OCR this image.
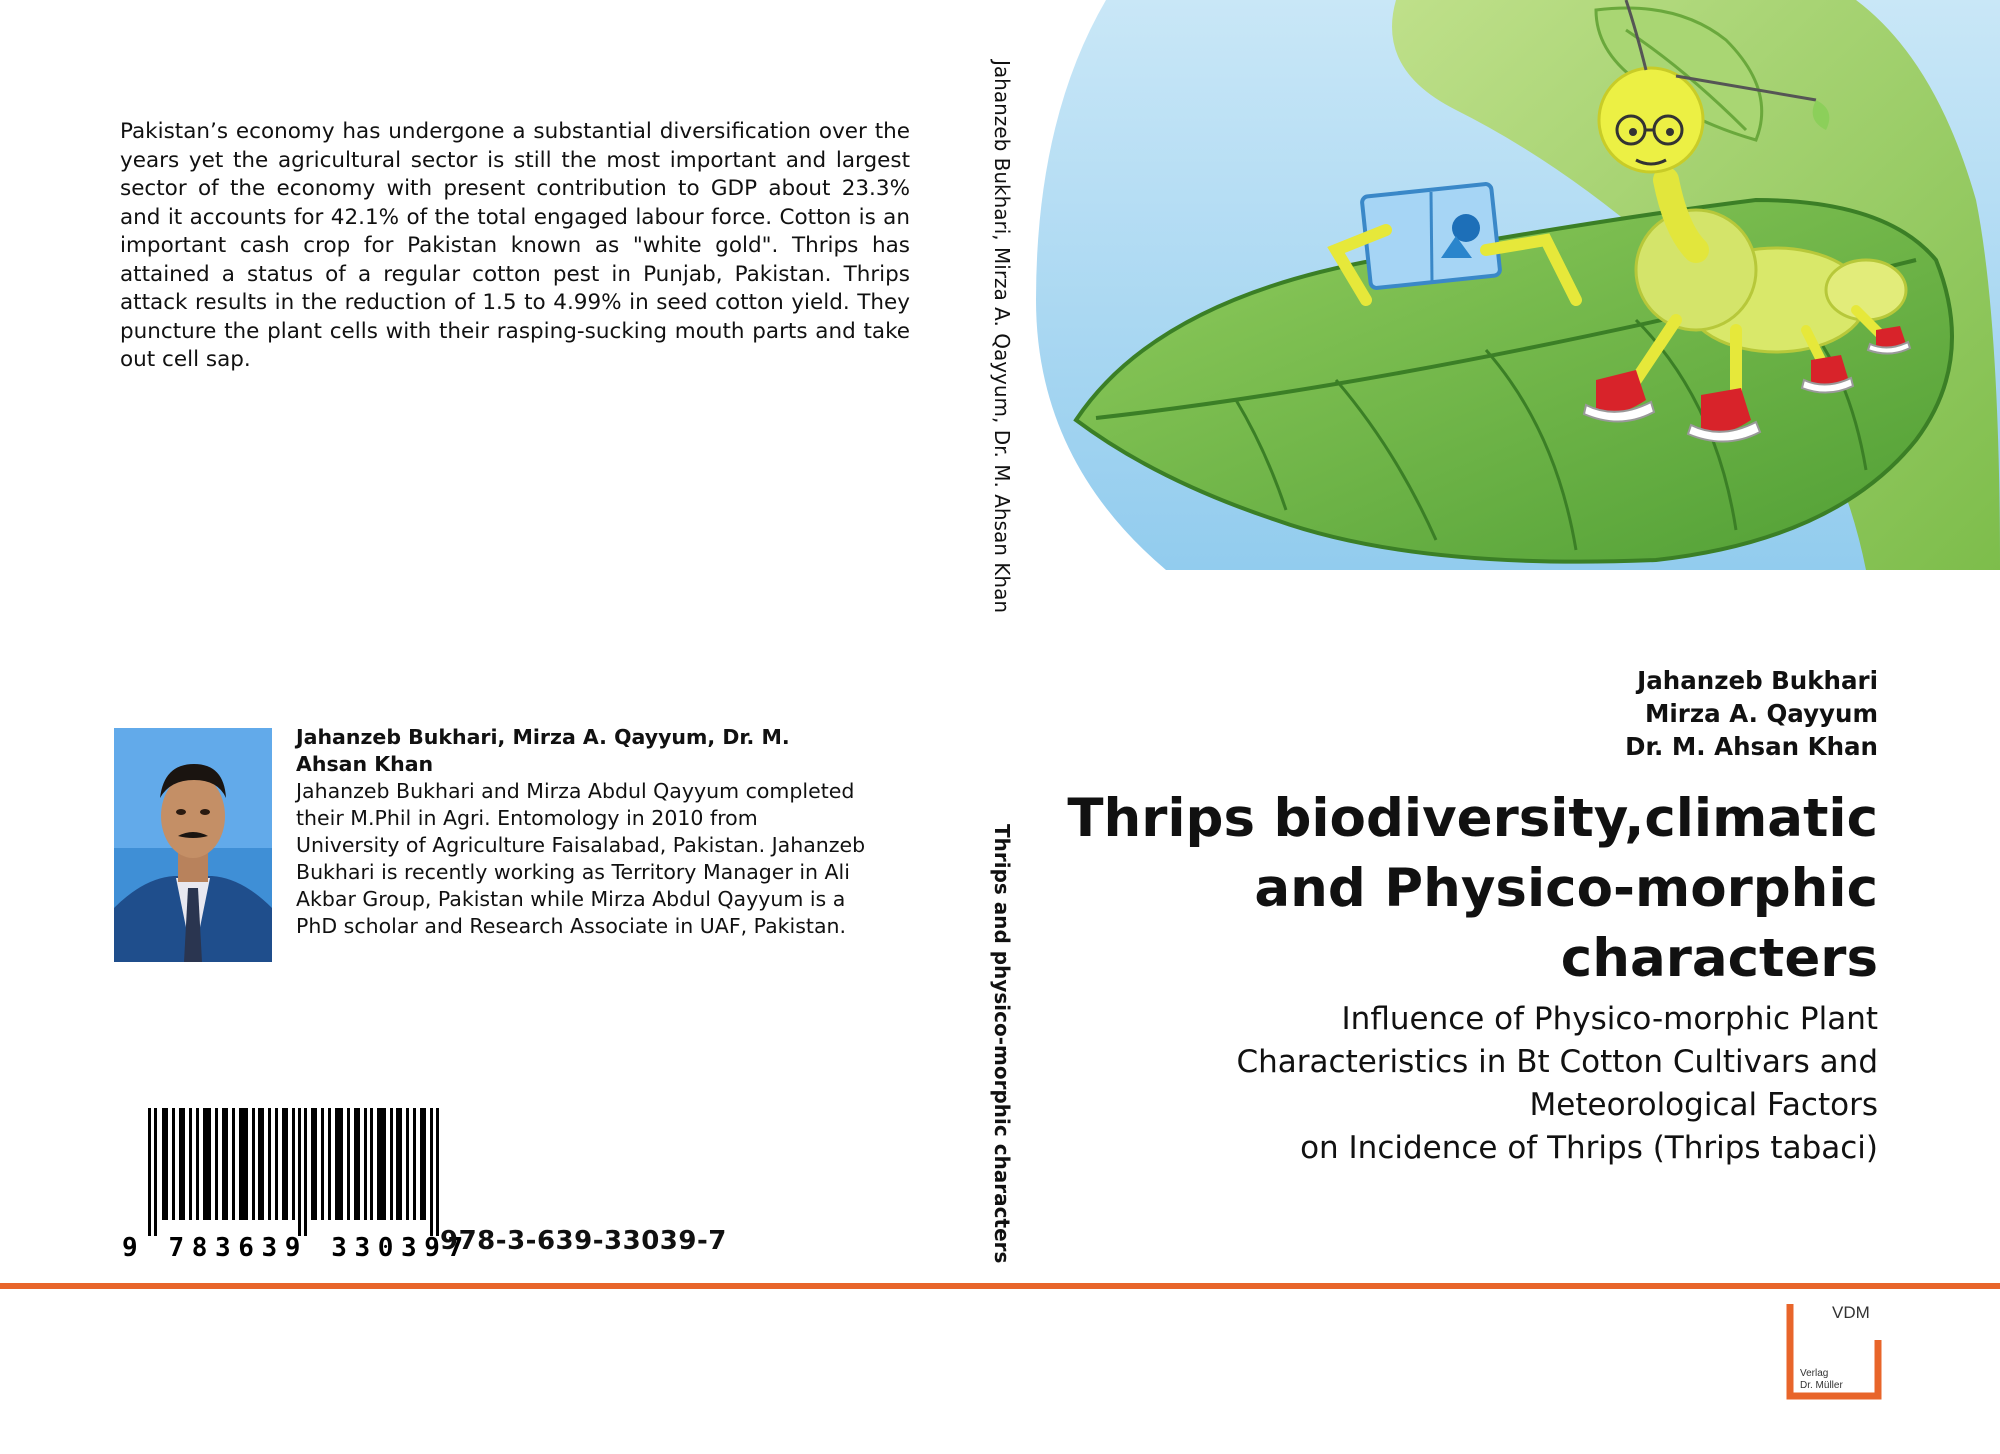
Pakistan’s economy has undergone a substantial diversification over the years yet the agricultural sector is still the most important and largest sector of the economy with present contribution to GDP about 23.3% and it accounts for 42.1% of the total engaged labour force. Cotton is an important cash crop for Pakistan known as "white gold". Thrips has attained a status of a regular cotton pest in Punjab, Pakistan. Thrips attack results in the reduction of 1.5 to 4.99% in seed cotton yield. They puncture the plant cells with their rasping-sucking mouth parts and take out cell sap.
Jahanzeb Bukhari, Mirza A. Qayyum, Dr. M. Ahsan Khan
Jahanzeb Bukhari and Mirza Abdul Qayyum completed their M.Phil in Agri. Entomology in 2010 from University of Agriculture Faisalabad, Pakistan. Jahanzeb Bukhari is recently working as Territory Manager in Ali Akbar Group, Pakistan while Mirza Abdul Qayyum is a PhD scholar and Research Associate in UAF, Pakistan.
9 783639 330397
978-3-639-33039-7
Jahanzeb Bukhari, Mirza A. Qayyum, Dr. M. Ahsan Khan
Thrips and physico-morphic characters
Jahanzeb Bukhari
Mirza A. Qayyum
Dr. M. Ahsan Khan
Thrips biodiversity,climatic and Physico-morphic characters
Influence of Physico-morphic Plant
Characteristics in Bt Cotton Cultivars and
Meteorological Factors
on Incidence of Thrips (Thrips tabaci)
VDM
Verlag
Dr. Müller
